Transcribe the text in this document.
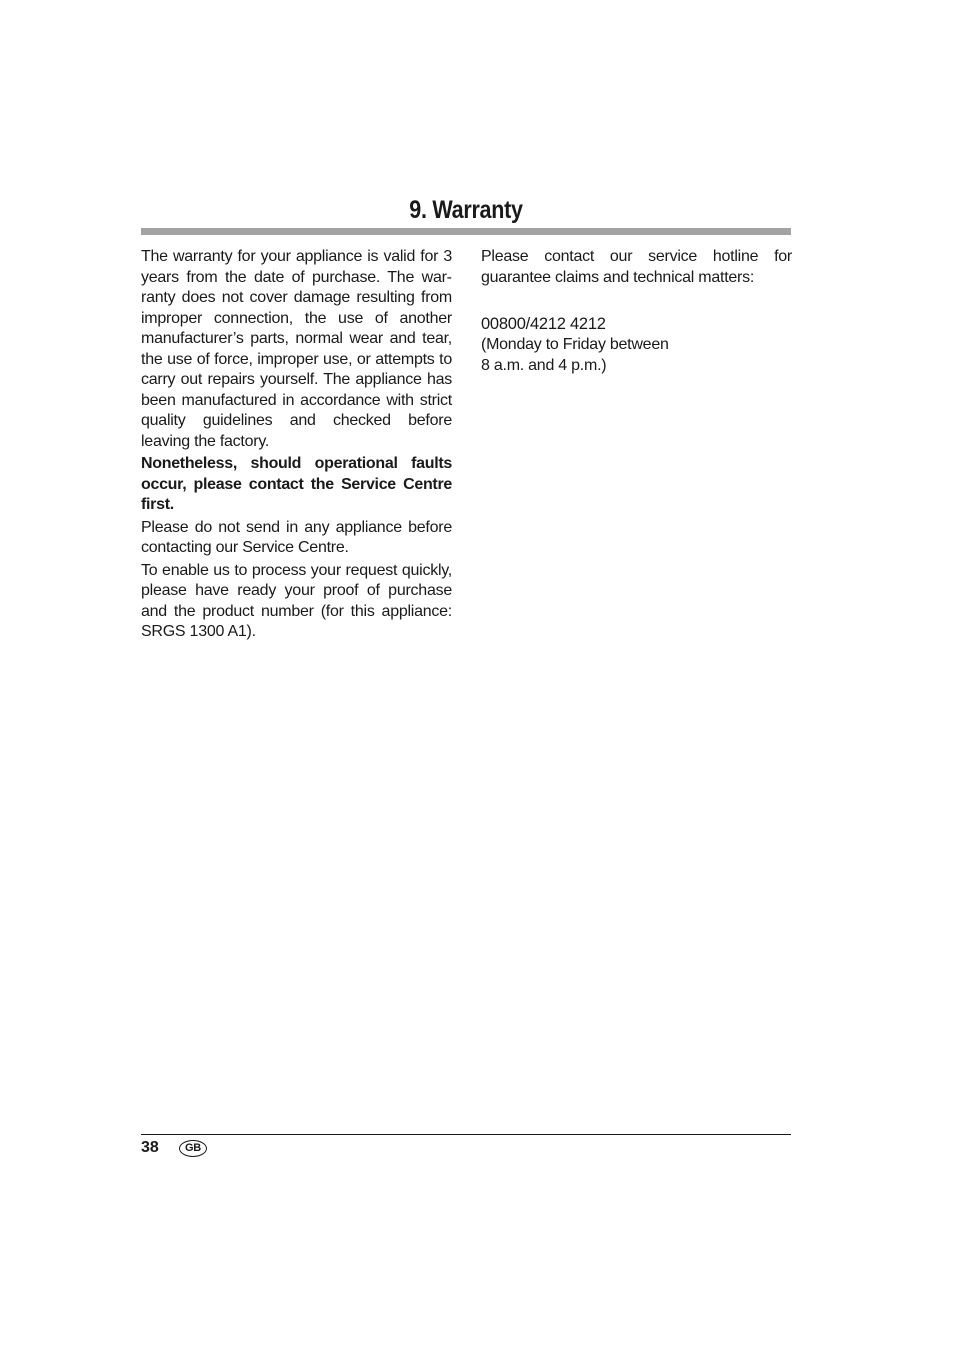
9. Warranty

The warranty for your appliance is valid for 3 years from the date of purchase. The warranty does not cover damage resulting from improper connection, the use of another manufacturer’s parts, normal wear and tear, the use of force, improper use, or attempts to carry out repairs yourself. The appliance has been manufactured in accordance with strict quality guidelines and checked before leaving the factory.

Nonetheless, should operational faults occur, please contact the Service Centre first.

Please do not send in any appliance before contacting our Service Centre.

To enable us to process your request quickly, please have ready your proof of purchase and the product number (for this appliance: SRGS 1300 A1).

Please contact our service hotline for guarantee claims and technical matters:

00800/4212 4212
(Monday to Friday between
8 a.m. and 4 p.m.)
38	GB
